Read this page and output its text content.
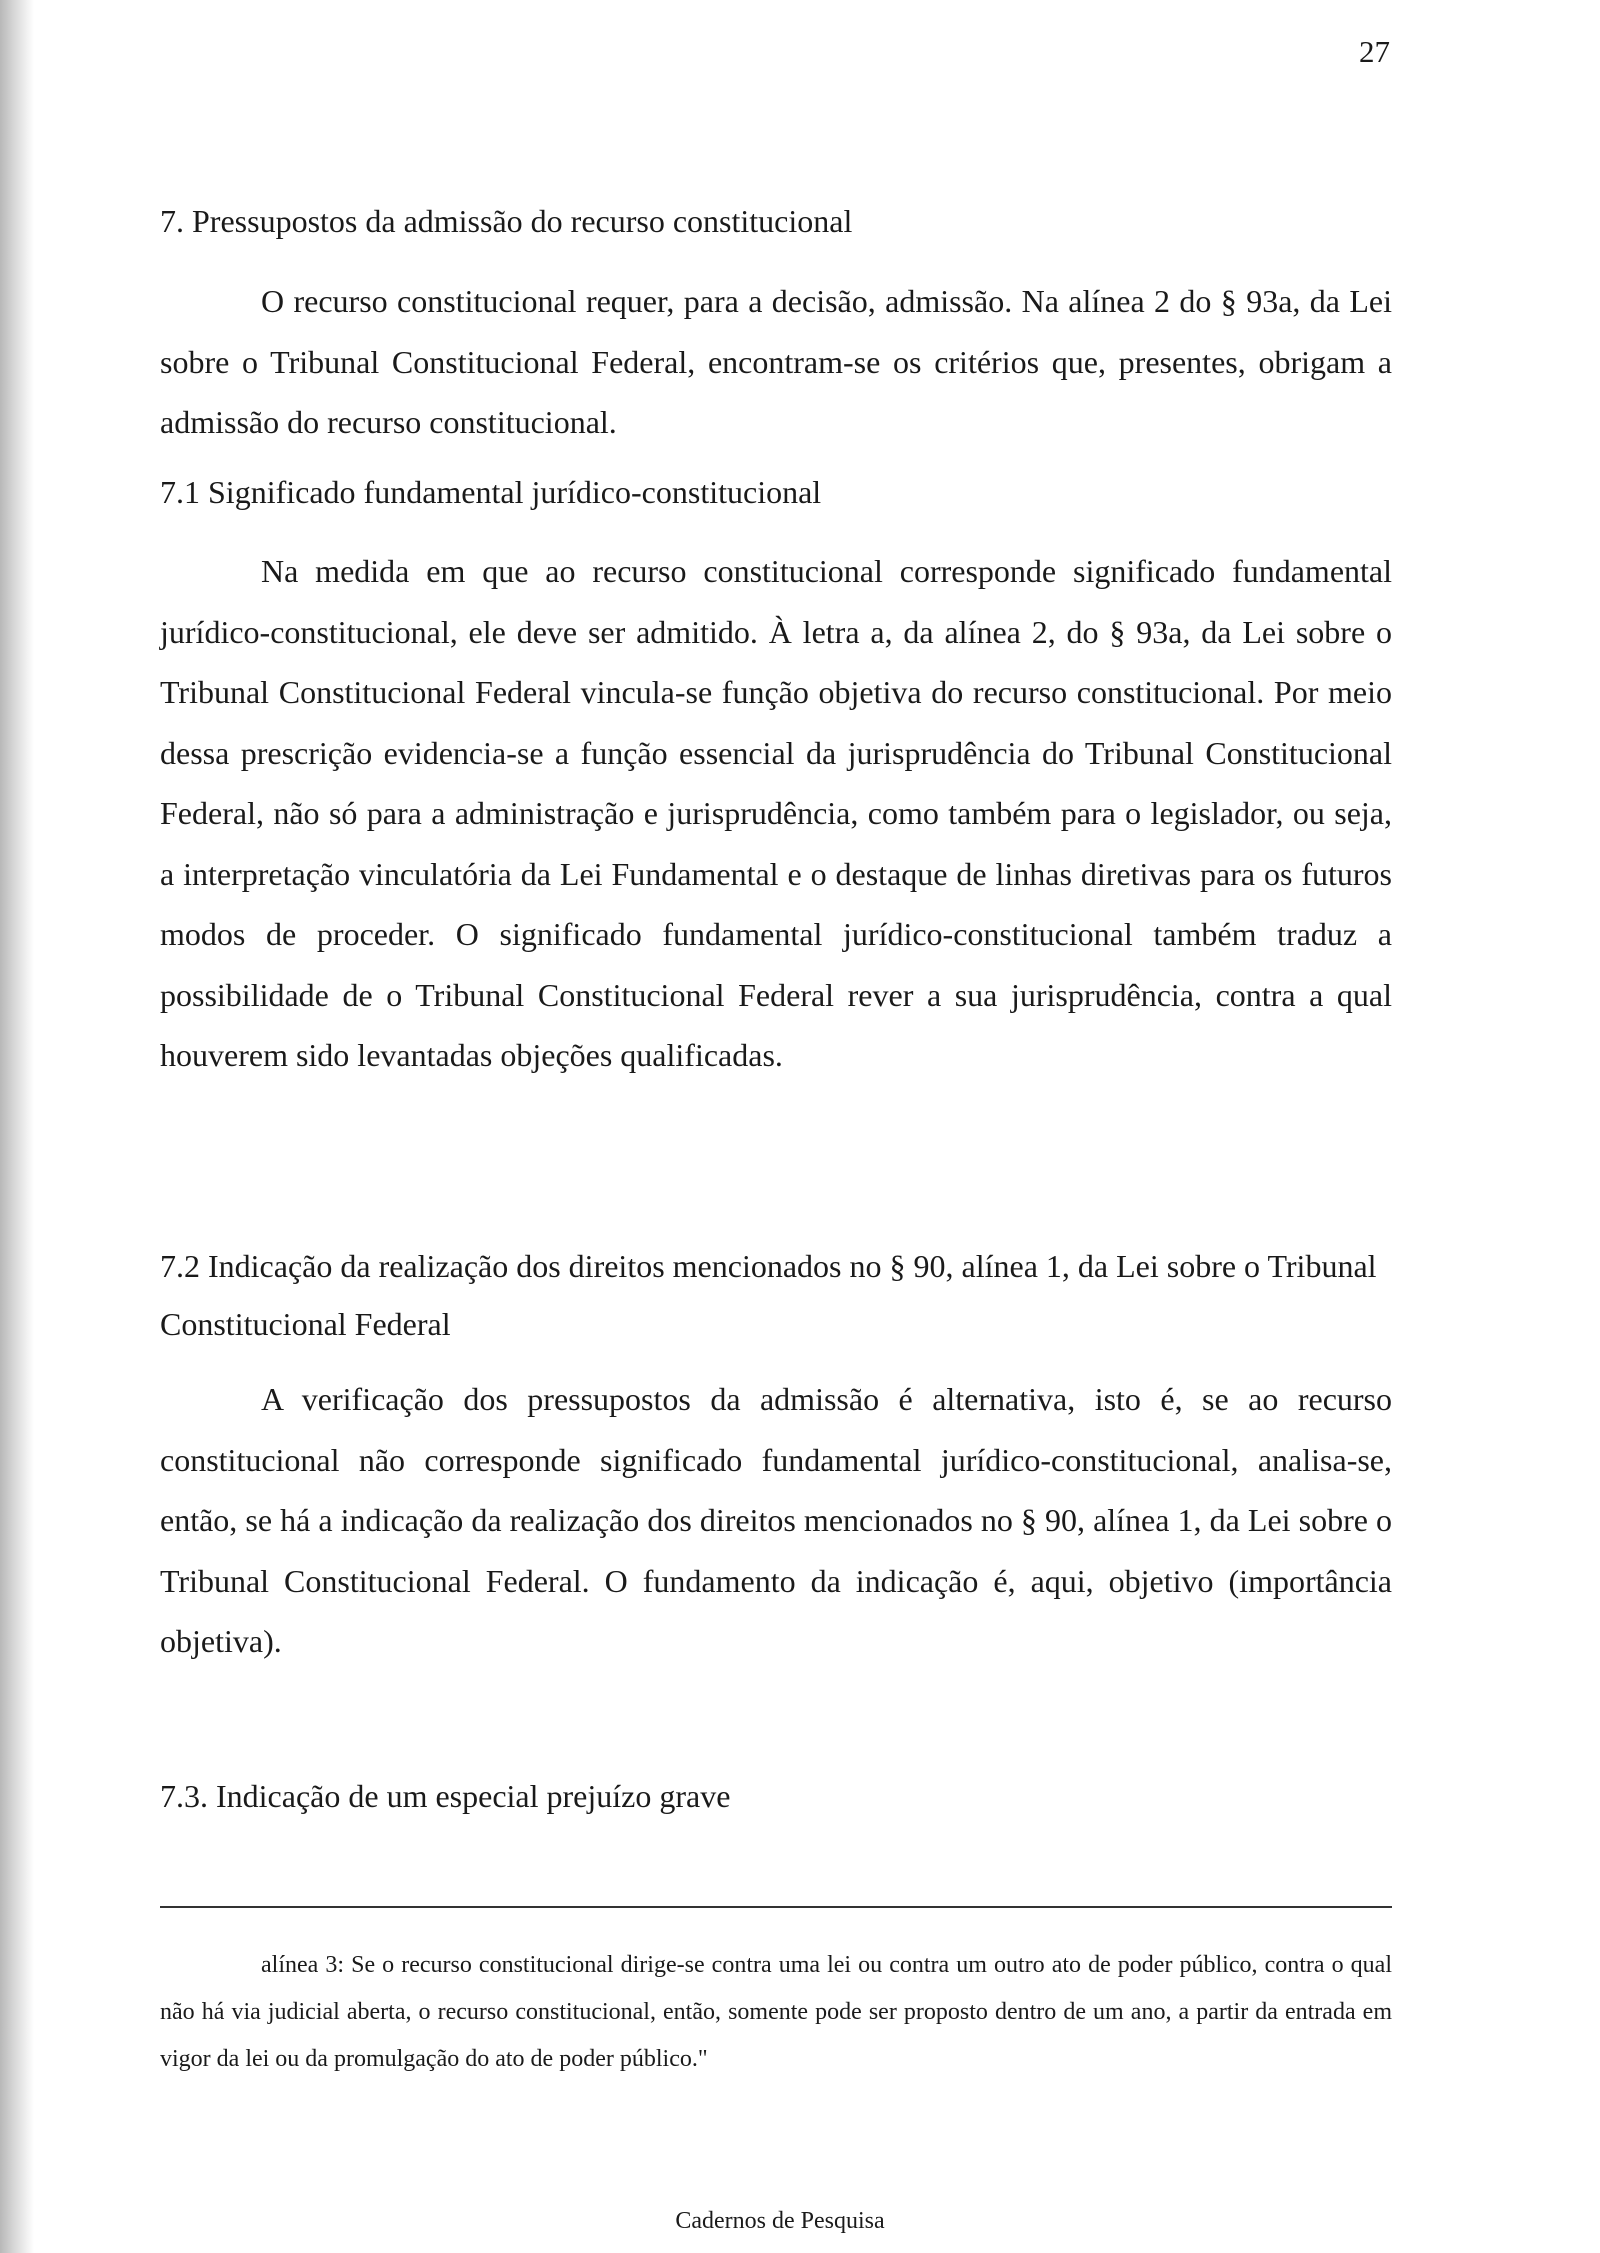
27
7. Pressupostos da admissão do recurso constitucional

O recurso constitucional requer, para a decisão, admissão. Na alínea 2 do § 93a, da Lei sobre o Tribunal Constitucional Federal, encontram-se os critérios que, presentes, obrigam a admissão do recurso constitucional.

7.1 Significado fundamental jurídico-constitucional

Na medida em que ao recurso constitucional corresponde significado fundamental jurídico-constitucional, ele deve ser admitido. À letra a, da alínea 2, do § 93a, da Lei sobre o Tribunal Constitucional Federal vincula-se função objetiva do recurso constitucional. Por meio dessa prescrição evidencia-se a função essencial da jurisprudência do Tribunal Constitucional Federal, não só para a administração e jurisprudência, como também para o legislador, ou seja, a interpretação vinculatória da Lei Fundamental e o destaque de linhas diretivas para os futuros modos de proceder. O significado fundamental jurídico-constitucional também traduz a possibilidade de o Tribunal Constitucional Federal rever a sua jurisprudência, contra a qual houverem sido levantadas objeções qualificadas.

7.2 Indicação da realização dos direitos mencionados no § 90, alínea 1, da Lei sobre o Tribunal Constitucional Federal

A verificação dos pressupostos da admissão é alternativa, isto é, se ao recurso constitucional não corresponde significado fundamental jurídico-constitucional, analisa-se, então, se há a indicação da realização dos direitos mencionados no § 90, alínea 1, da Lei sobre o Tribunal Constitucional Federal. O fundamento da indicação é, aqui, objetivo (importância objetiva).

7.3. Indicação de um especial prejuízo grave

alínea 3: Se o recurso constitucional dirige-se contra uma lei ou contra um outro ato de poder público, contra o qual não há via judicial aberta, o recurso constitucional, então, somente pode ser proposto dentro de um ano, a partir da entrada em vigor da lei ou da promulgação do ato de poder público."

Cadernos de Pesquisa
